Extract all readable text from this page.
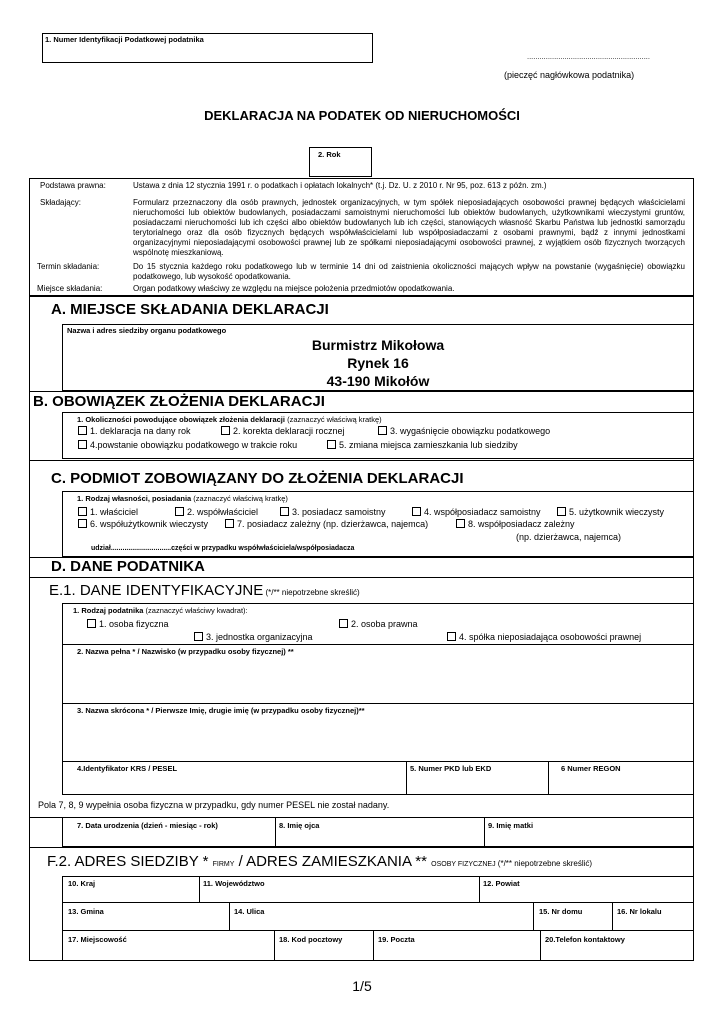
1. Numer Identyfikacji Podatkowej podatnika
...........................................................
(pieczęć nagłówkowa podatnika)
DEKLARACJA NA PODATEK OD NIERUCHOMOŚCI
2. Rok
Podstawa prawna:	Ustawa z dnia 12 stycznia 1991 r. o podatkach i opłatach lokalnych* (t.j. Dz. U. z 2010 r. Nr 95, poz. 613 z późn. zm.)
Składający:	Formularz przeznaczony dla osób prawnych, jednostek organizacyjnych, w tym spółek nieposiadających osobowości prawnej będących właścicielami nieruchomości lub obiektów budowlanych, posiadaczami samoistnymi nieruchomości lub obiektów budowlanych, użytkownikami wieczystymi gruntów, posiadaczami nieruchomości lub ich części albo obiektów budowlanych lub ich części, stanowiących własność Skarbu Państwa lub jednostki samorządu terytorialnego oraz dla osób fizycznych będących współwłaścicielami lub współposiadaczami z osobami prawnymi, bądź z innymi jednostkami organizacyjnymi nieposiadającymi osobowości prawnej lub ze spółkami nieposiadającymi osobowości prawnej, z wyjątkiem osób fizycznych tworzących wspólnotę mieszkaniową.
Termin składania:	Do 15 stycznia każdego roku podatkowego lub w terminie 14 dni od zaistnienia okoliczności mających wpływ na powstanie (wygaśnięcie) obowiązku podatkowego, lub wysokość opodatkowania.
Miejsce składania:	Organ podatkowy właściwy ze względu na miejsce położenia przedmiotów opodatkowania.
A. MIEJSCE SKŁADANIA DEKLARACJI
Nazwa i adres siedziby organu podatkowego
Burmistrz Mikołowa
Rynek 16
43-190 Mikołów
B. OBOWIĄZEK ZŁOŻENIA DEKLARACJI
1. Okoliczności powodujące obowiązek złożenia deklaracji (zaznaczyć właściwą kratkę)
1. deklaracja na dany rok	2. korekta deklaracji rocznej	3. wygaśnięcie obowiązku podatkowego
4.powstanie obowiązku podatkowego w trakcie roku	5. zmiana miejsca zamieszkania lub siedziby
C. PODMIOT ZOBOWIĄZANY DO ZŁOŻENIA DEKLARACJI
1. Rodzaj własności, posiadania (zaznaczyć właściwą kratkę)
1. właściciel	2. współwłaściciel	3. posiadacz samoistny	4. współposiadacz samoistny	5. użytkownik wieczysty
6. współużytkownik wieczysty	7. posiadacz zależny (np. dzierżawca, najemca)	8. współposiadacz zależny
(np. dzierżawca, najemca)
udział...............................części w przypadku współwłaściciela/współposiadacza
D. DANE PODATNIKA
E.1. DANE IDENTYFIKACYJNE (*/** niepotrzebne skreślić)
1. Rodzaj podatnika (zaznaczyć właściwy kwadrat):
1. osoba fizyczna	2. osoba prawna
3. jednostka organizacyjna	4. spółka nieposiadająca osobowości prawnej
2. Nazwa pełna * / Nazwisko (w przypadku osoby fizycznej) **
3. Nazwa skrócona * / Pierwsze Imię, drugie imię (w przypadku osoby fizycznej)**
4.Identyfikator KRS / PESEL	5. Numer PKD lub EKD	6 Numer REGON
Pola 7, 8, 9 wypełnia osoba fizyczna w przypadku, gdy numer PESEL nie został nadany.
7. Data urodzenia (dzień - miesiąc - rok)	8. Imię ojca	9. Imię matki
F.2. ADRES SIEDZIBY * FIRMY / ADRES ZAMIESZKANIA ** OSOBY FIZYCZNEJ (*/** niepotrzebne skreślić)
10. Kraj	11. Województwo	12. Powiat
13. Gmina	14. Ulica	15. Nr domu	16. Nr lokalu
17. Miejscowość	18. Kod pocztowy	19. Poczta	20.Telefon kontaktowy
1/5
